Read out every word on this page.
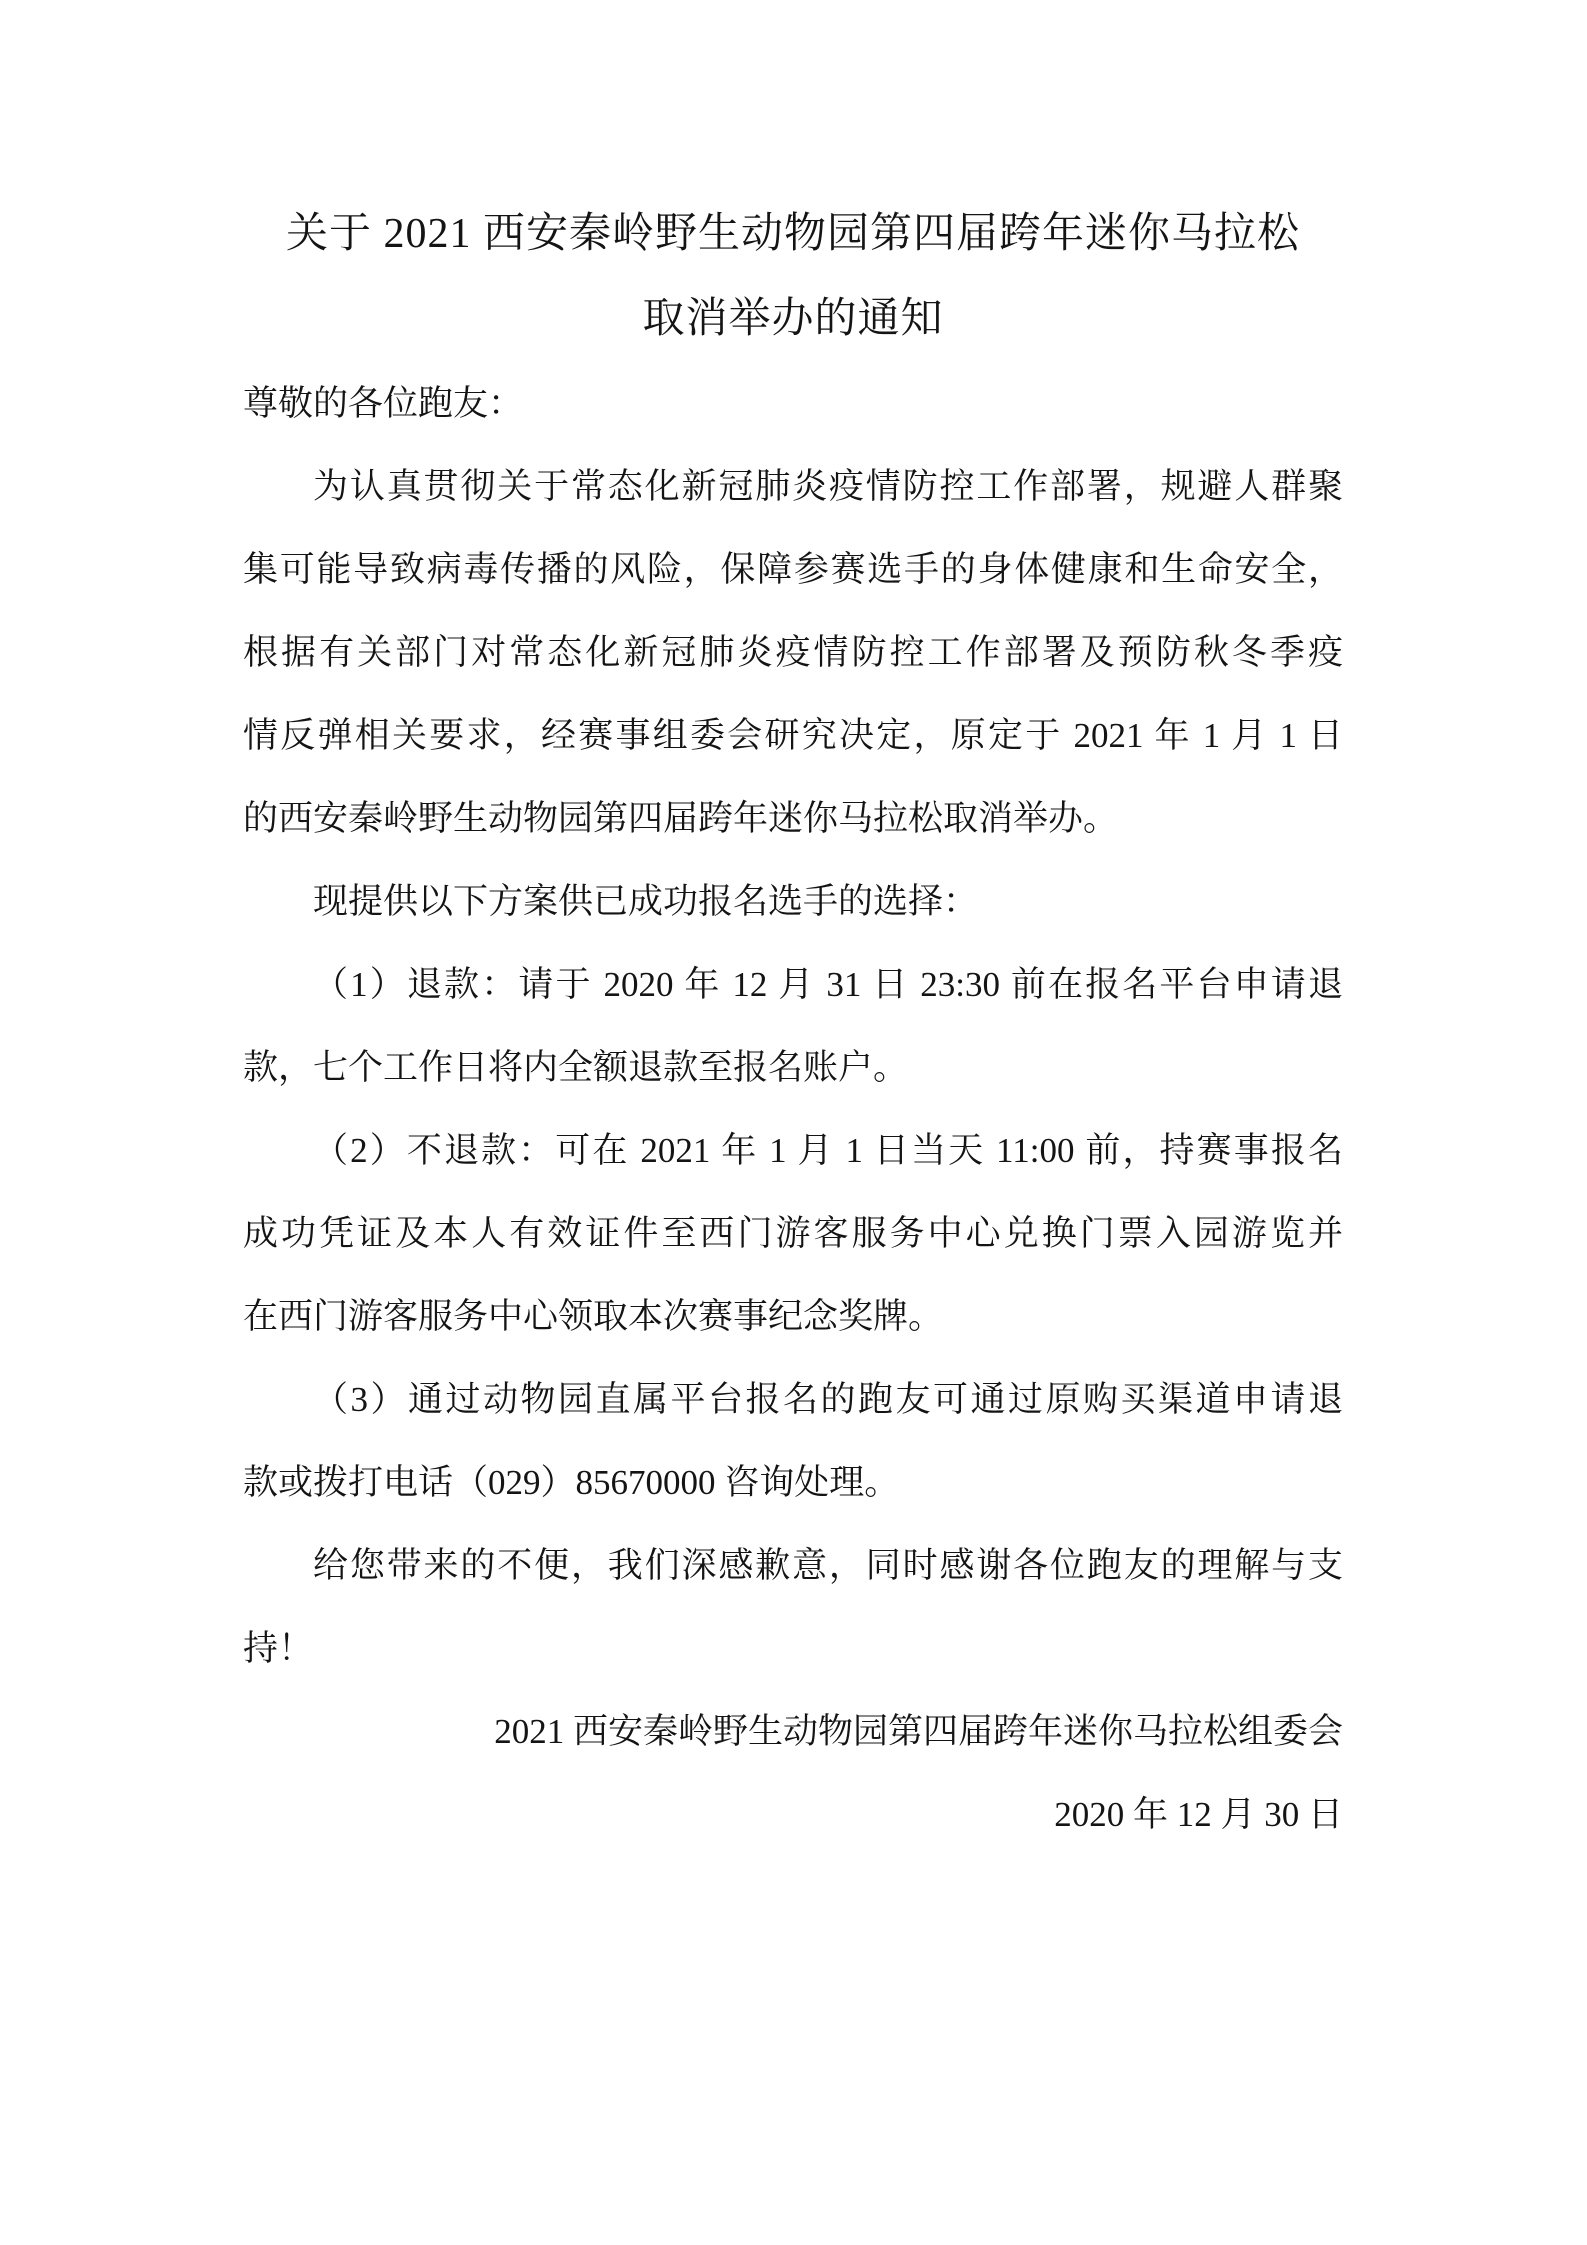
关于 2021 西安秦岭野生动物园第四届跨年迷你马拉松
取消举办的通知
尊敬的各位跑友：
为认真贯彻关于常态化新冠肺炎疫情防控工作部署，规避人群聚
集可能导致病毒传播的风险，保障参赛选手的身体健康和生命安全，
根据有关部门对常态化新冠肺炎疫情防控工作部署及预防秋冬季疫
情反弹相关要求，经赛事组委会研究决定，原定于 2021 年 1 月 1 日
的西安秦岭野生动物园第四届跨年迷你马拉松取消举办。
现提供以下方案供已成功报名选手的选择：
（1）退款：请于 2020 年 12 月 31 日 23:30 前在报名平台申请退
款，七个工作日将内全额退款至报名账户。
（2）不退款：可在 2021 年 1 月 1 日当天 11:00 前，持赛事报名
成功凭证及本人有效证件至西门游客服务中心兑换门票入园游览并
在西门游客服务中心领取本次赛事纪念奖牌。
（3）通过动物园直属平台报名的跑友可通过原购买渠道申请退
款或拨打电话（029）85670000 咨询处理。
给您带来的不便，我们深感歉意，同时感谢各位跑友的理解与支
持！
2021 西安秦岭野生动物园第四届跨年迷你马拉松组委会
2020 年 12 月 30 日
